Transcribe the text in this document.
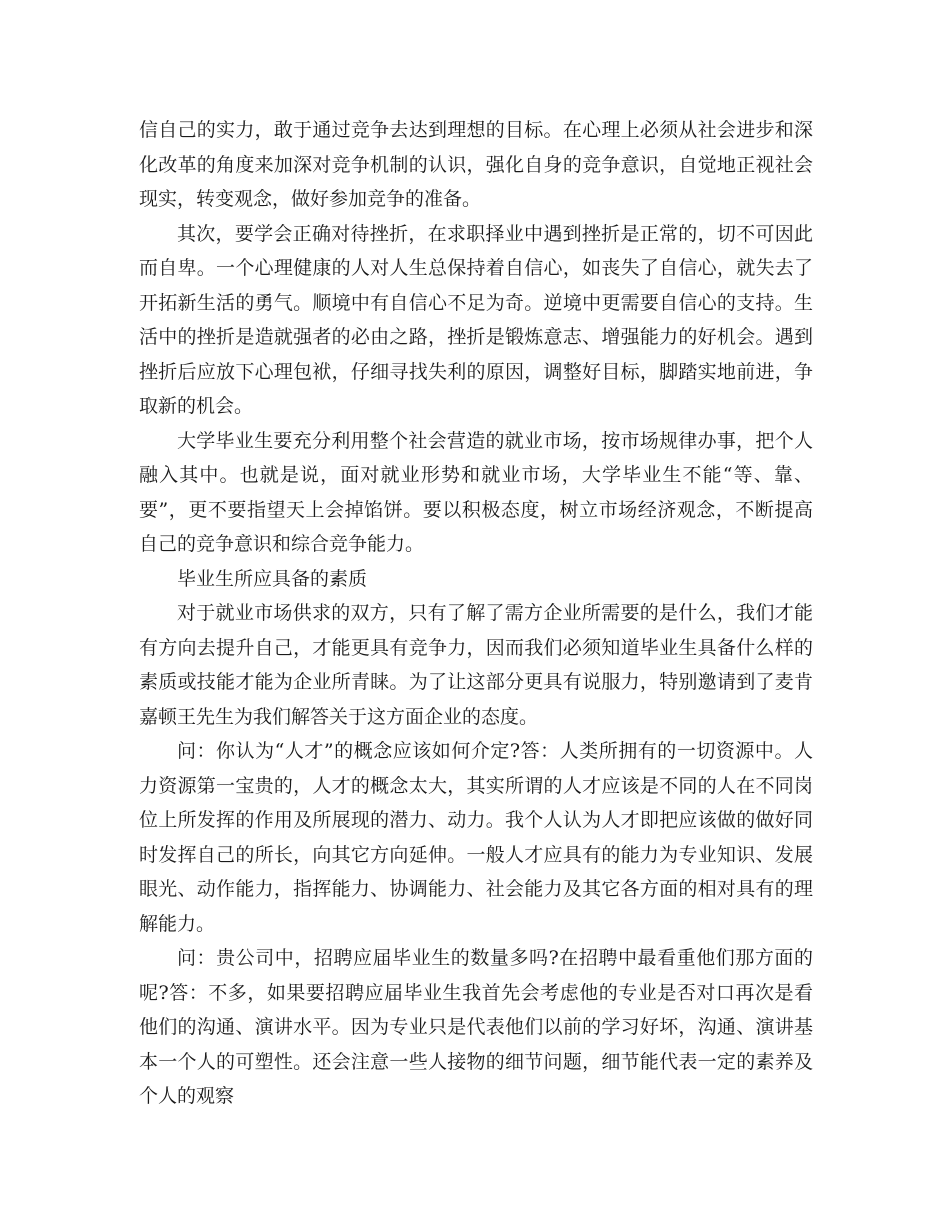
信自己的实力，敢于通过竞争去达到理想的目标。在心理上必须从社会进步和深化改革的角度来加深对竞争机制的认识，强化自身的竞争意识，自觉地正视社会现实，转变观念，做好参加竞争的准备。

其次，要学会正确对待挫折，在求职择业中遇到挫折是正常的，切不可因此而自卑。一个心理健康的人对人生总保持着自信心，如丧失了自信心，就失去了开拓新生活的勇气。顺境中有自信心不足为奇。逆境中更需要自信心的支持。生活中的挫折是造就强者的必由之路，挫折是锻炼意志、增强能力的好机会。遇到挫折后应放下心理包袱，仔细寻找失利的原因，调整好目标，脚踏实地前进，争取新的机会。

大学毕业生要充分利用整个社会营造的就业市场，按市场规律办事，把个人融入其中。也就是说，面对就业形势和就业市场，大学毕业生不能“等、靠、要”，更不要指望天上会掉馅饼。要以积极态度，树立市场经济观念，不断提高自己的竞争意识和综合竞争能力。

毕业生所应具备的素质

对于就业市场供求的双方，只有了解了需方企业所需要的是什么，我们才能有方向去提升自己，才能更具有竞争力，因而我们必须知道毕业生具备什么样的素质或技能才能为企业所青睐。为了让这部分更具有说服力，特别邀请到了麦肯嘉顿王先生为我们解答关于这方面企业的态度。

问：你认为“人才”的概念应该如何介定?答：人类所拥有的一切资源中。人力资源第一宝贵的，人才的概念太大，其实所谓的人才应该是不同的人在不同岗位上所发挥的作用及所展现的潜力、动力。我个人认为人才即把应该做的做好同时发挥自己的所长，向其它方向延伸。一般人才应具有的能力为专业知识、发展眼光、动作能力，指挥能力、协调能力、社会能力及其它各方面的相对具有的理解能力。

问：贵公司中，招聘应届毕业生的数量多吗?在招聘中最看重他们那方面的呢?答：不多，如果要招聘应届毕业生我首先会考虑他的专业是否对口再次是看他们的沟通、演讲水平。因为专业只是代表他们以前的学习好坏，沟通、演讲基本一个人的可塑性。还会注意一些人接物的细节问题，细节能代表一定的素养及个人的观察
